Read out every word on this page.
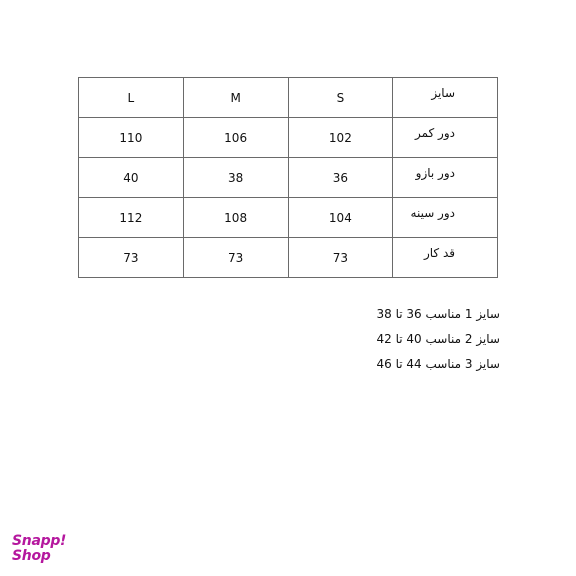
L	M	S	سایز
110	106	102	دور کمر
40	38	36	دور بازو
112	108	104	دور سینه
73	73	73	قد کار
سایز 1 مناسب 36 تا 38
سایز 2 مناسب 40 تا 42
سایز 3 مناسب 44 تا 46
Snapp!
Shop
